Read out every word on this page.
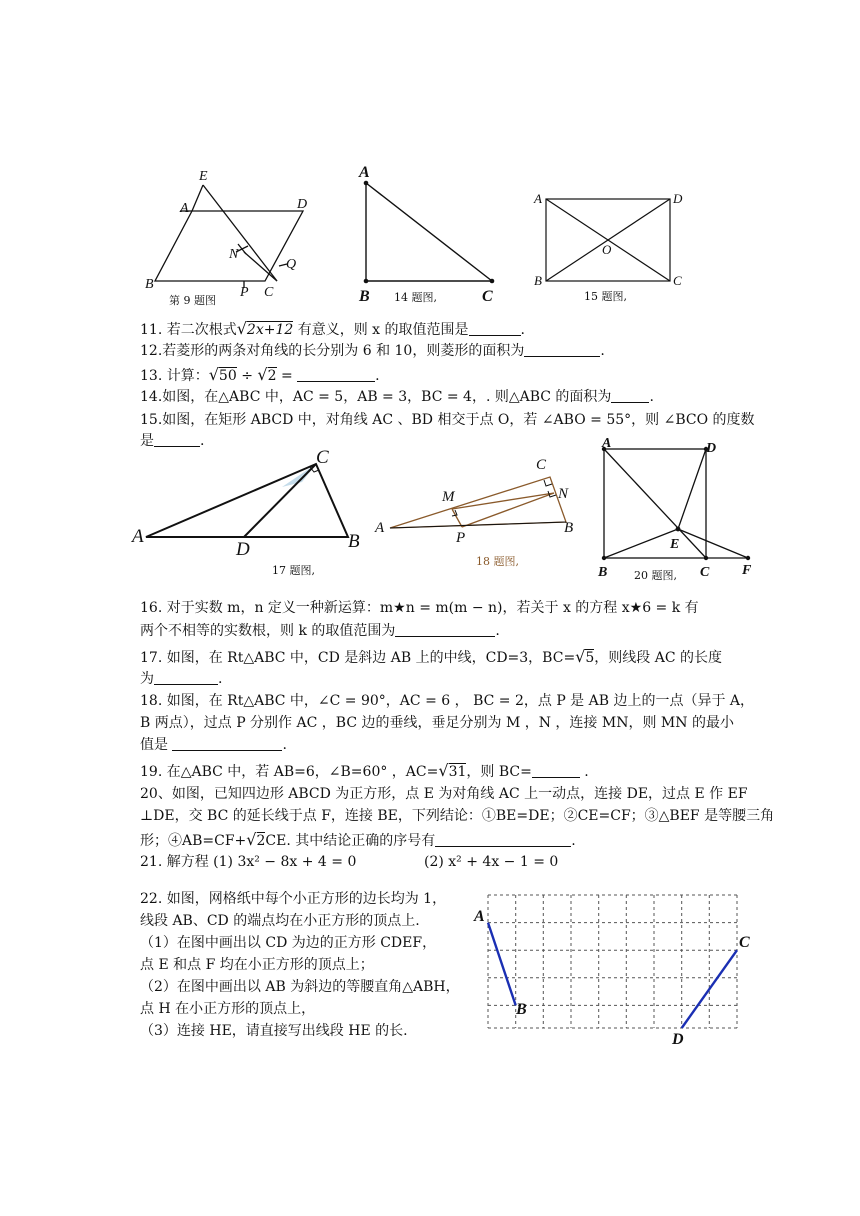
E
A	D
N
Q
B
P C
第 9 题图
A
B	C
14 题图,
A	D
O
B	C
15 题图,
11. 若二次根式√2x+12 有意义，则 x 的取值范围是	.
12.若菱形的两条对角线的长分别为 6 和 10，则菱形的面积为	.
13. 计算：√50 ÷ √2 =	.
14.如图，在△ABC 中，AC = 5，AB = 3，BC = 4，. 则△ABC 的面积为	.
15.如图，在矩形 ABCD 中，对角线 AC 、BD 相交于点 O，若 ∠ABO = 55°，则 ∠BCO 的度数
是	.
C
A
D	B
17 题图,
C
M	N
A
P
B
18 题图,
A	D
E
B	C F
20 题图,
16. 对于实数 m，n 定义一种新运算：m★n = m(m − n)，若关于 x 的方程 x★6 = k 有
两个不相等的实数根，则 k 的取值范围为	.
17. 如图，在 Rt△ABC 中，CD 是斜边 AB 上的中线，CD=3，BC=√5，则线段 AC 的长度
为	.
18. 如图，在 Rt△ABC 中，∠C = 90°，AC = 6 ， BC = 2，点 P 是 AB 边上的一点（异于 A，
B 两点），过点 P 分别作 AC ，BC 边的垂线，垂足分别为 M ，N ，连接 MN，则 MN 的最小
值是	.
19. 在△ABC 中，若 AB=6，∠B=60° ，AC=√31，则 BC=	.
20、如图，已知四边形 ABCD 为正方形，点 E 为对角线 AC 上一动点，连接 DE，过点 E 作 EF
⊥DE，交 BC 的延长线于点 F，连接 BE，下列结论：①BE=DE；②CE=CF；③△BEF 是等腰三角
形；④AB=CF+√2CE. 其中结论正确的序号有	.
21. 解方程 (1) 3x² − 8x + 4 = 0	(2) x² + 4x − 1 = 0
22. 如图，网格纸中每个小正方形的边长均为 1，
线段 AB、CD 的端点均在小正方形的顶点上.
（1）在图中画出以 CD 为边的正方形 CDEF，
点 E 和点 F 均在小正方形的顶点上；
（2）在图中画出以 AB 为斜边的等腰直角△ABH，
点 H 在小正方形的顶点上，
（3）连接 HE，请直接写出线段 HE 的长.
A
B
C
D
